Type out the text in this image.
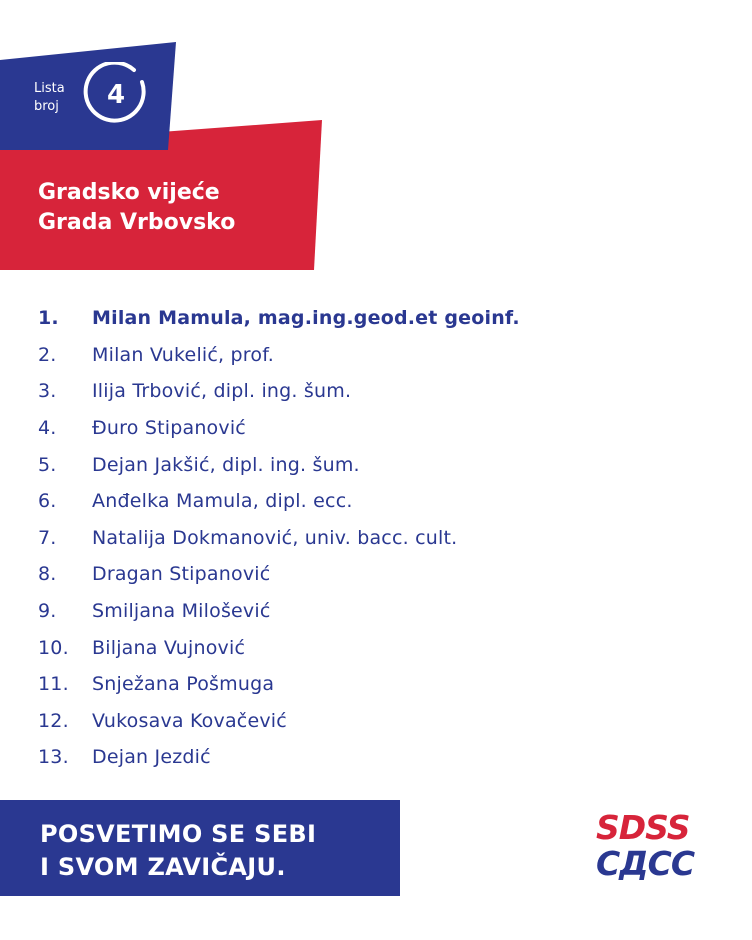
Lista
broj	4
Gradsko vijeće
Grada Vrbovsko
1.	Milan Mamula, mag.ing.geod.et geoinf.
2.	Milan Vukelić, prof.
3.	Ilija Trbović, dipl. ing. šum.
4.	Đuro Stipanović
5.	Dejan Jakšić, dipl. ing. šum.
6.	Anđelka Mamula, dipl. ecc.
7.	Natalija Dokmanović, univ. bacc. cult.
8.	Dragan Stipanović
9.	Smiljana Milošević
10.	Biljana Vujnović
11.	Snježana Pošmuga
12.	Vukosava Kovačević
13.	Dejan Jezdić
POSVETIMO SE SEBI
I SVOM ZAVIČAJU.
SDSS
СДСС
